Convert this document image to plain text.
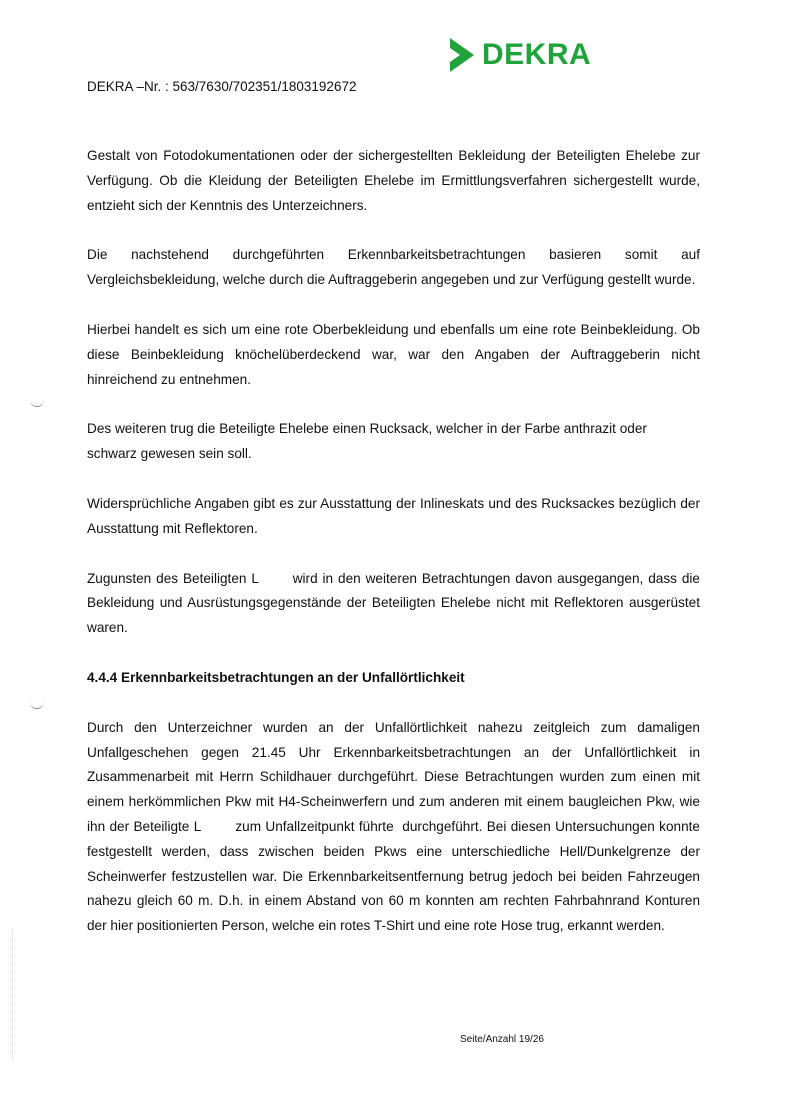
DEKRA
DEKRA –Nr. : 563/7630/702351/1803192672

Gestalt von Fotodokumentationen oder der sichergestellten Bekleidung der Beteiligten Ehelebe zur Verfügung. Ob die Kleidung der Beteiligten Ehelebe im Ermittlungsverfahren sichergestellt wurde, entzieht sich der Kenntnis des Unterzeichners.

Die nachstehend durchgeführten Erkennbarkeitsbetrachtungen basieren somit auf Vergleichsbekleidung, welche durch die Auftraggeberin angegeben und zur Verfügung gestellt wurde.

Hierbei handelt es sich um eine rote Oberbekleidung und ebenfalls um eine rote Beinbekleidung. Ob diese Beinbekleidung knöchelüberdeckend war, war den Angaben der Auftraggeberin nicht hinreichend zu entnehmen.

Des weiteren trug die Beteiligte Ehelebe einen Rucksack, welcher in der Farbe anthrazit oder schwarz gewesen sein soll.

Widersprüchliche Angaben gibt es zur Ausstattung der Inlineskats und des Rucksackes bezüglich der Ausstattung mit Reflektoren.

Zugunsten des Beteiligten L       wird in den weiteren Betrachtungen davon ausgegangen, dass die Bekleidung und Ausrüstungsgegenstände der Beteiligten Ehelebe nicht mit Reflektoren ausgerüstet waren.

4.4.4 Erkennbarkeitsbetrachtungen an der Unfallörtlichkeit

Durch den Unterzeichner wurden an der Unfallörtlichkeit nahezu zeitgleich zum damaligen Unfallgeschehen gegen 21.45 Uhr Erkennbarkeitsbetrachtungen an der Unfallörtlichkeit in Zusammenarbeit mit Herrn Schildhauer durchgeführt. Diese Betrachtungen wurden zum einen mit einem herkömmlichen Pkw mit H4-Scheinwerfern und zum anderen mit einem baugleichen Pkw, wie ihn der Beteiligte L        zum Unfallzeitpunkt führte  durchgeführt. Bei diesen Untersuchungen konnte festgestellt werden, dass zwischen beiden Pkws eine unterschiedliche Hell/Dunkelgrenze der Scheinwerfer festzustellen war. Die Erkennbarkeitsentfernung betrug jedoch bei beiden Fahrzeugen nahezu gleich 60 m. D.h. in einem Abstand von 60 m konnten am rechten Fahrbahnrand Konturen der hier positionierten Person, welche ein rotes T-Shirt und eine rote Hose trug, erkannt werden.

Seite/Anzahl 19/26
